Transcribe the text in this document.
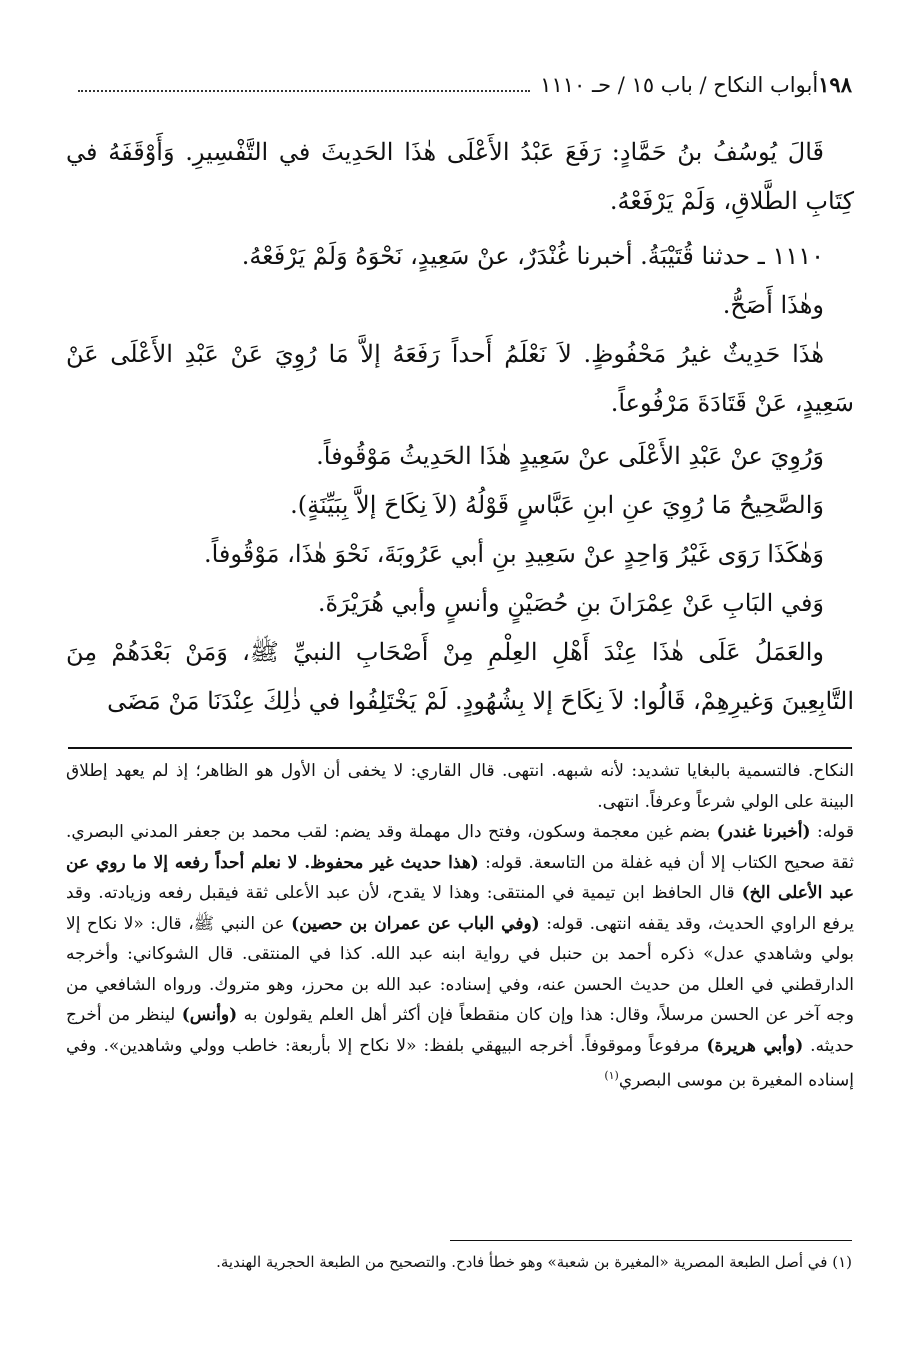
١٩٨
أبواب النكاح / باب ١٥ / حـ ١١١٠

قَالَ يُوسُفُ بنُ حَمَّادٍ: رَفَعَ عَبْدُ الأَعْلَى هٰذَا الحَدِيثَ في التَّفْسِيرِ. وَأَوْقَفَهُ في كِتَابِ الطَّلاقِ، وَلَمْ يَرْفَعْهُ.

١١١٠ ـ حدثنا قُتَيْبَةُ. أخبرنا غُنْدَرٌ، عنْ سَعِيدٍ، نَحْوَهُ وَلَمْ يَرْفَعْهُ.

وهٰذَا أَصَحُّ.

هٰذَا حَدِيثٌ غيرُ مَحْفُوظٍ. لاَ نَعْلَمُ أَحداً رَفَعَهُ إلاَّ مَا رُوِيَ عَنْ عَبْدِ الأَعْلَى عَنْ سَعِيدٍ، عَنْ قَتَادَةَ مَرْفُوعاً.

وَرُوِيَ عنْ عَبْدِ الأَعْلَى عنْ سَعِيدٍ هٰذَا الحَدِيثُ مَوْقُوفاً.

وَالصَّحِيحُ مَا رُوِيَ عنِ ابنِ عَبَّاسٍ قَوْلُهُ (لاَ نِكَاحَ إلاَّ بِبَيِّنَةٍ).

وَهٰكَذَا رَوَى غَيْرُ وَاحِدٍ عنْ سَعِيدِ بنِ أبي عَرُوبَةَ، نَحْوَ هٰذَا، مَوْقُوفاً.

وَفي البَابِ عَنْ عِمْرَانَ بنِ حُصَيْنٍ وأنسٍ وأبي هُرَيْرَةَ.

والعَمَلُ عَلَى هٰذَا عِنْدَ أَهْلِ العِلْمِ مِنْ أَصْحَابِ النبيِّ ﷺ، وَمَنْ بَعْدَهُمْ مِنَ التَّابِعِينَ وَغيرِهِمْ، قَالُوا: لاَ نِكَاحَ إلا بِشُهُودٍ. لَمْ يَخْتَلِفُوا في ذٰلِكَ عِنْدَنَا مَنْ مَضَى

النكاح. فالتسمية بالبغايا تشديد: لأنه شبهه. انتهى. قال القاري: لا يخفى أن الأول هو الظاهر؛ إذ لم يعهد إطلاق البينة على الولي شرعاً وعرفاً. انتهى.

قوله: (أخبرنا غندر) بضم غين معجمة وسكون، وفتح دال مهملة وقد يضم: لقب محمد بن جعفر المدني البصري. ثقة صحيح الكتاب إلا أن فيه غفلة من التاسعة. قوله: (هذا حديث غير محفوظ. لا نعلم أحداً رفعه إلا ما روي عن عبد الأعلى الخ) قال الحافظ ابن تيمية في المنتقى: وهذا لا يقدح، لأن عبد الأعلى ثقة فيقبل رفعه وزيادته. وقد يرفع الراوي الحديث، وقد يقفه انتهى. قوله: (وفي الباب عن عمران بن حصين) عن النبي ﷺ، قال: «لا نكاح إلا بولي وشاهدي عدل» ذكره أحمد بن حنبل في رواية ابنه عبد الله. كذا في المنتقى. قال الشوكاني: وأخرجه الدارقطني في العلل من حديث الحسن عنه، وفي إسناده: عبد الله بن محرز، وهو متروك. ورواه الشافعي من وجه آخر عن الحسن مرسلاً، وقال: هذا وإن كان منقطعاً فإن أكثر أهل العلم يقولون به (وأنس) لينظر من أخرج حديثه. (وأبي هريرة) مرفوعاً وموقوفاً. أخرجه البيهقي بلفظ: «لا نكاح إلا بأربعة: خاطب وولي وشاهدين». وفي إسناده المغيرة بن موسى البصري$^{(١)}$

(١) في أصل الطبعة المصرية «المغيرة بن شعبة» وهو خطأ فادح. والتصحيح من الطبعة الحجرية الهندية.
